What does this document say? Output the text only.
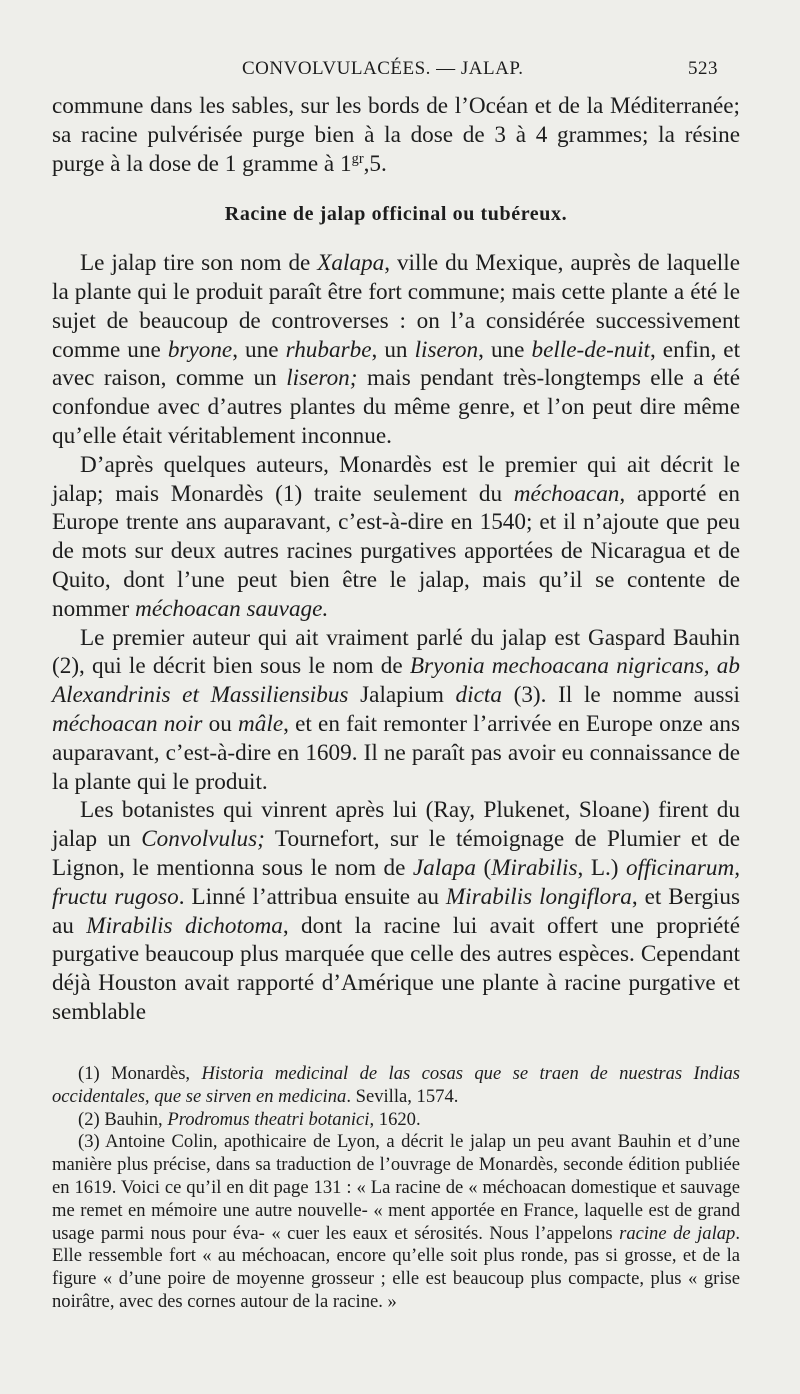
CONVOLVULACÉES. — JALAP.	523

commune dans les sables, sur les bords de l’Océan et de la Méditerranée; sa racine pulvérisée purge bien à la dose de 3 à 4 grammes; la résine purge à la dose de 1 gramme à $1^{gr},5$.

Racine de jalap officinal ou tubéreux.

Le jalap tire son nom de Xalapa, ville du Mexique, auprès de laquelle la plante qui le produit paraît être fort commune; mais cette plante a été le sujet de beaucoup de controverses : on l’a considérée successivement comme une bryone, une rhubarbe, un liseron, une belle-de-nuit, enfin, et avec raison, comme un liseron; mais pendant très-longtemps elle a été confondue avec d’autres plantes du même genre, et l’on peut dire même qu’elle était véritablement inconnue.

D’après quelques auteurs, Monardès est le premier qui ait décrit le jalap; mais Monardès (1) traite seulement du méchoacan, apporté en Europe trente ans auparavant, c’est-à-dire en 1540; et il n’ajoute que peu de mots sur deux autres racines purgatives apportées de Nicaragua et de Quito, dont l’une peut bien être le jalap, mais qu’il se contente de nommer méchoacan sauvage.

Le premier auteur qui ait vraiment parlé du jalap est Gaspard Bauhin (2), qui le décrit bien sous le nom de Bryonia mechoacana nigricans, ab Alexandrinis et Massiliensibus Jalapium dicta (3). Il le nomme aussi méchoacan noir ou mâle, et en fait remonter l’arrivée en Europe onze ans auparavant, c’est-à-dire en 1609. Il ne paraît pas avoir eu connaissance de la plante qui le produit.

Les botanistes qui vinrent après lui (Ray, Plukenet, Sloane) firent du jalap un Convolvulus; Tournefort, sur le témoignage de Plumier et de Lignon, le mentionna sous le nom de Jalapa (Mirabilis, L.) officinarum, fructu rugoso. Linné l’attribua ensuite au Mirabilis longiflora, et Bergius au Mirabilis dichotoma, dont la racine lui avait offert une propriété purgative beaucoup plus marquée que celle des autres espèces. Cependant déjà Houston avait rapporté d’Amérique une plante à racine purgative et semblable

(1) Monardès, Historia medicinal de las cosas que se traen de nuestras Indias occidentales, que se sirven en medicina. Sevilla, 1574.

(2) Bauhin, Prodromus theatri botanici, 1620.

(3) Antoine Colin, apothicaire de Lyon, a décrit le jalap un peu avant Bauhin et d’une manière plus précise, dans sa traduction de l’ouvrage de Monardès, seconde édition publiée en 1619. Voici ce qu’il en dit page 131 : « La racine de « méchoacan domestique et sauvage me remet en mémoire une autre nouvelle- « ment apportée en France, laquelle est de grand usage parmi nous pour éva- « cuer les eaux et sérosités. Nous l’appelons racine de jalap. Elle ressemble fort « au méchoacan, encore qu’elle soit plus ronde, pas si grosse, et de la figure « d’une poire de moyenne grosseur ; elle est beaucoup plus compacte, plus « grise noirâtre, avec des cornes autour de la racine. »
